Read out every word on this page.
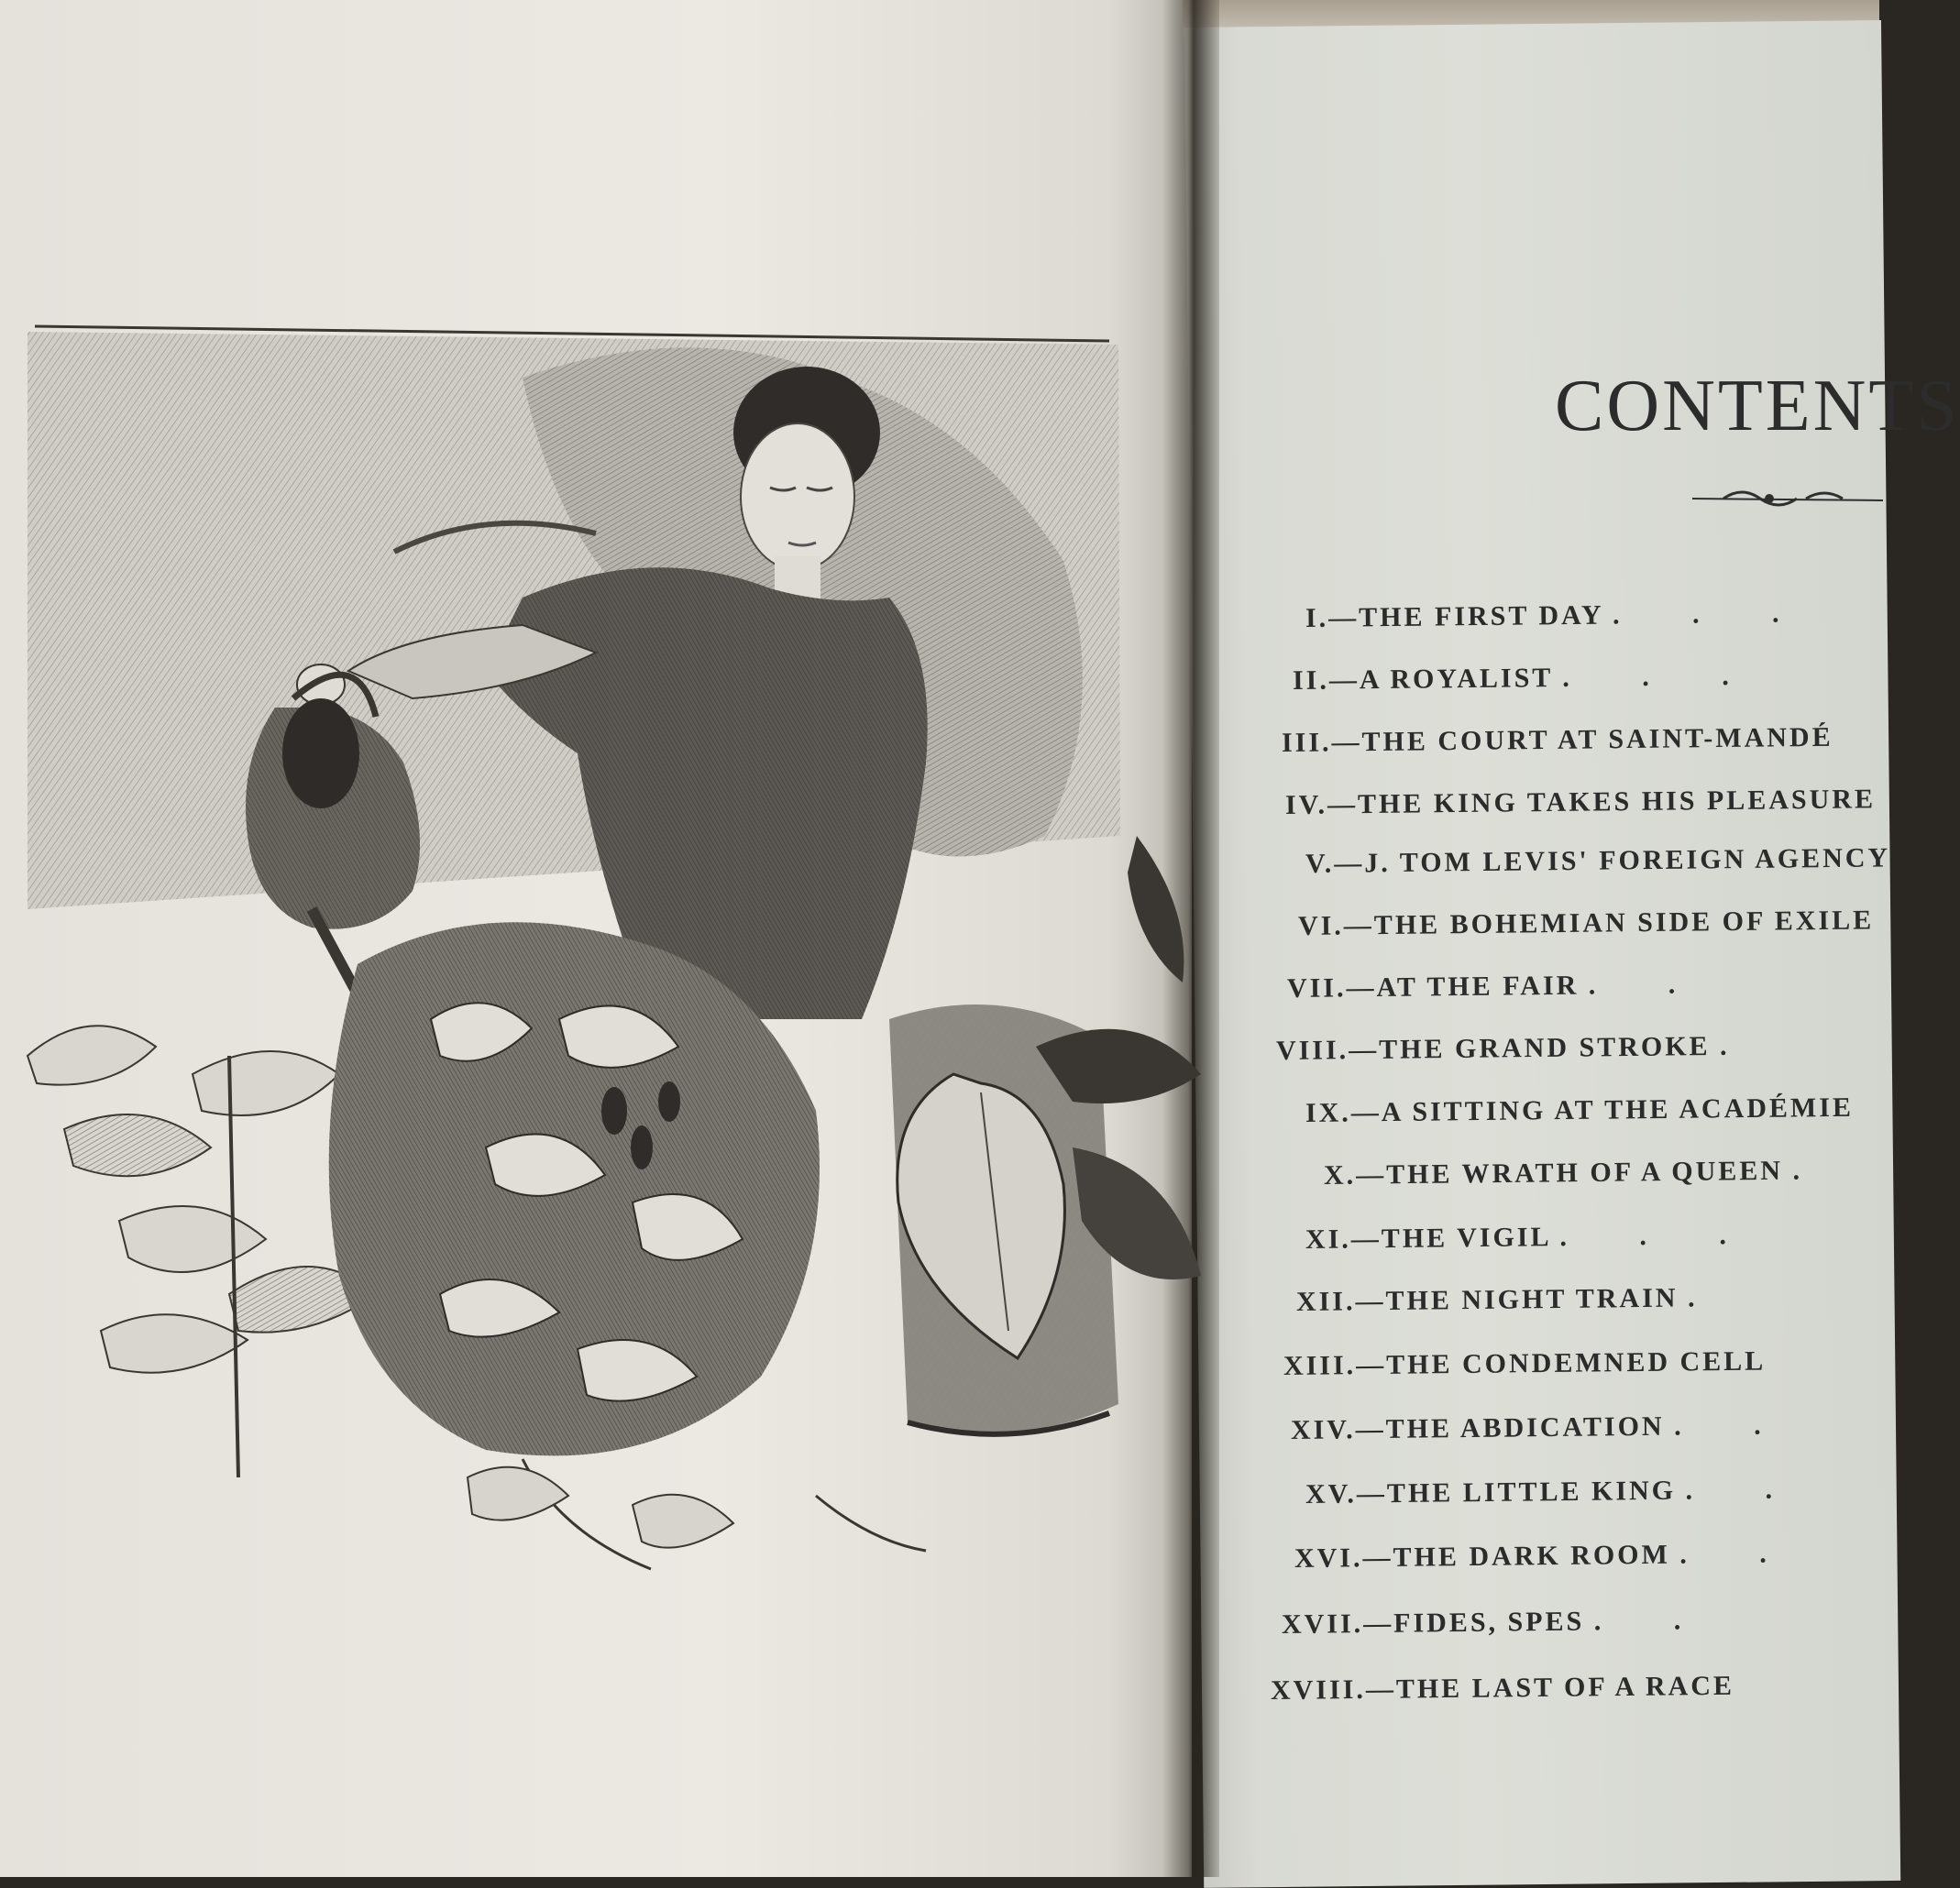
CONTENTS
I.—THE FIRST DAY . . .
II.—A ROYALIST . . .
III.—THE COURT AT SAINT-MANDÉ
IV.—THE KING TAKES HIS PLEASURE
V.—J. TOM LEVIS' FOREIGN AGENCY
VI.—THE BOHEMIAN SIDE OF EXILE
VII.—AT THE FAIR . .
VIII.—THE GRAND STROKE .
IX.—A SITTING AT THE ACADÉMIE
X.—THE WRATH OF A QUEEN .
XI.—THE VIGIL . . .
XII.—THE NIGHT TRAIN .
XIII.—THE CONDEMNED CELL
XIV.—THE ABDICATION . .
XV.—THE LITTLE KING . .
XVI.—THE DARK ROOM . .
XVII.—FIDES, SPES . .
XVIII.—THE LAST OF A RACE
